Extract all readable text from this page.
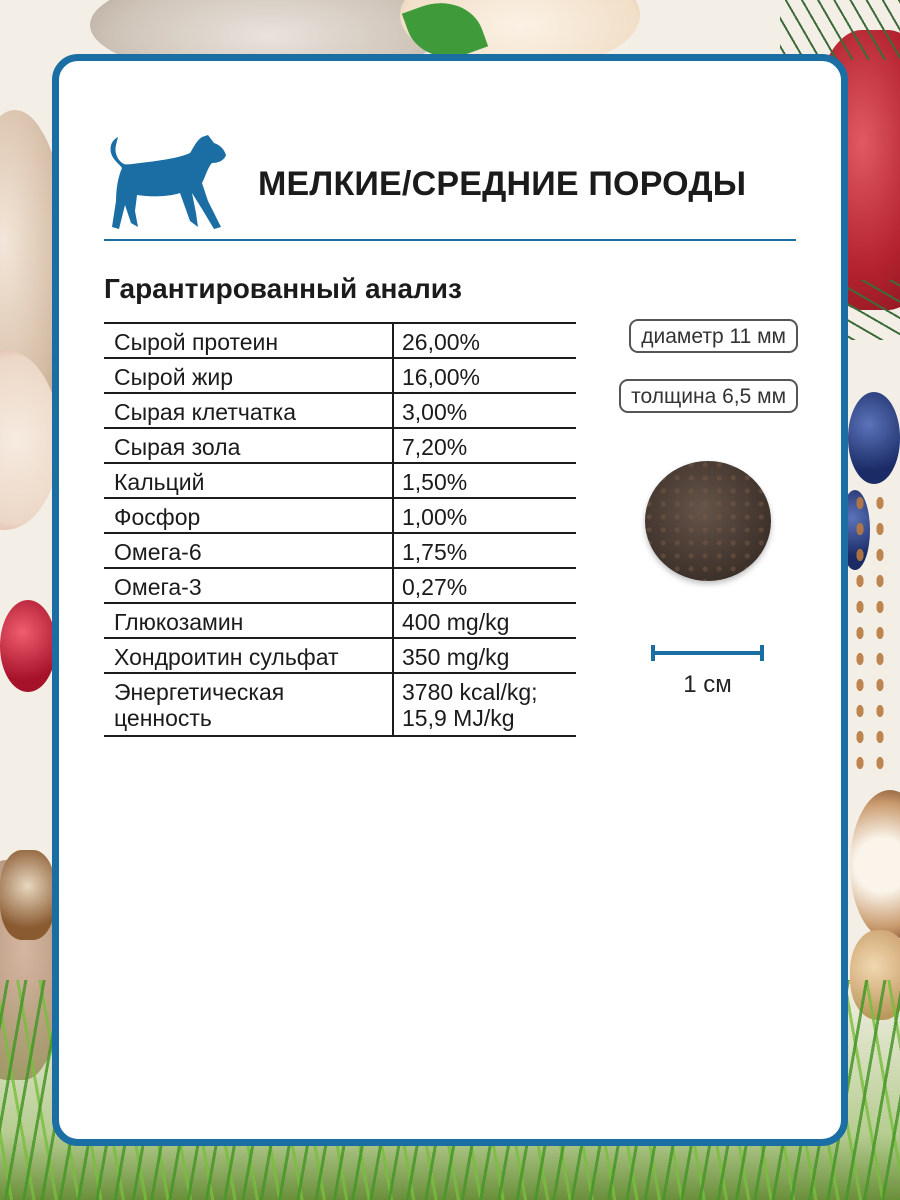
МЕЛКИЕ/СРЕДНИЕ ПОРОДЫ
Гарантированный анализ
Сырой протеин	26,00%
Сырой жир	16,00%
Сырая клетчатка	3,00%
Сырая зола	7,20%
Кальций	1,50%
Фосфор	1,00%
Омега-6	1,75%
Омега-3	0,27%
Глюкозамин	400 mg/kg
Хондроитин сульфат	350 mg/kg
Энергетическая
ценность	3780 kcal/kg;
15,9 MJ/kg
диаметр 11 мм
толщина 6,5 мм
1 см
